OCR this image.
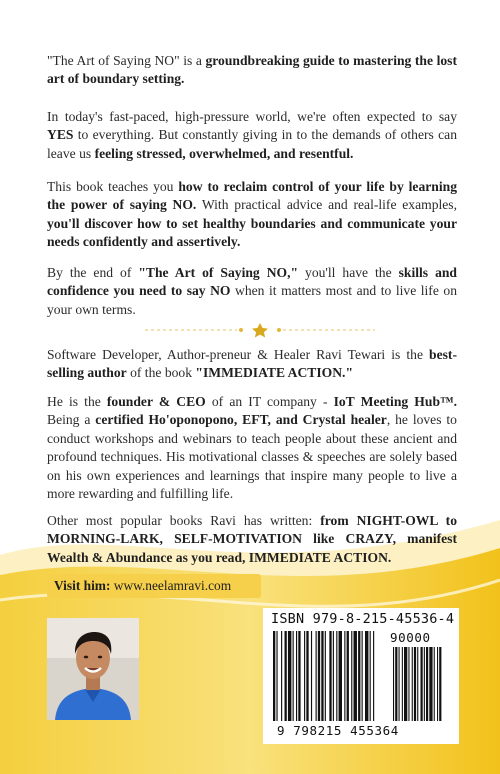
"The Art of Saying NO" is a groundbreaking guide to mastering the lost art of boundary setting.
In today's fast-paced, high-pressure world, we're often expected to say YES to everything. But constantly giving in to the demands of others can leave us feeling stressed, overwhelmed, and resentful.
This book teaches you how to reclaim control of your life by learning the power of saying NO. With practical advice and real-life examples, you'll discover how to set healthy boundaries and communicate your needs confidently and assertively.
By the end of "The Art of Saying NO," you'll have the skills and confidence you need to say NO when it matters most and to live life on your own terms.
Software Developer, Author-preneur & Healer Ravi Tewari is the best-selling author of the book "IMMEDIATE ACTION."
He is the founder & CEO of an IT company - IoT Meeting Hub™. Being a certified Ho'oponopono, EFT, and Crystal healer, he loves to conduct workshops and webinars to teach people about these ancient and profound techniques. His motivational classes & speeches are solely based on his own experiences and learnings that inspire many people to live a more rewarding and fulfilling life.
Other most popular books Ravi has written: from NIGHT-OWL to MORNING-LARK, SELF-MOTIVATION like CRAZY, manifest Wealth & Abundance as you read, IMMEDIATE ACTION.
Visit him: www.neelamravi.com
ISBN 979-8-215-45536-4
90000
9 798215 455364
